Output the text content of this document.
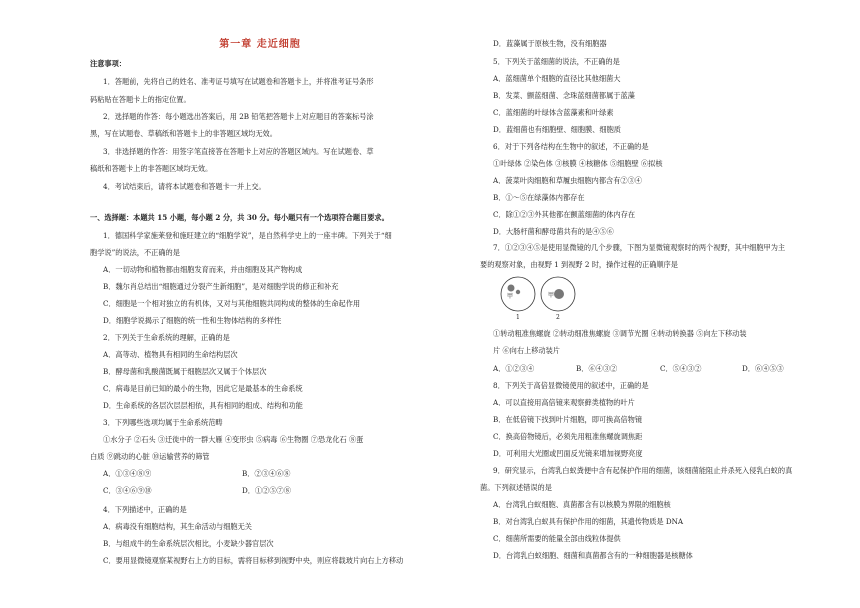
第一章 走近细胞
注意事项：
1．答题前，先将自己的姓名、准考证号填写在试题卷和答题卡上，并将准考证号条形
码粘贴在答题卡上的指定位置。
2．选择题的作答：每小题选出答案后，用 2B 铅笔把答题卡上对应题目的答案标号涂
黑，写在试题卷、草稿纸和答题卡上的非答题区域均无效。
3．非选择题的作答：用签字笔直接答在答题卡上对应的答题区域内。写在试题卷、草
稿纸和答题卡上的非答题区域均无效。
4．考试结束后，请将本试题卷和答题卡一并上交。
一、选择题：本题共 15 小题，每小题 2 分，共 30 分。每小题只有一个选项符合题目要求。
1．德国科学家施莱登和施旺建立的“细胞学说”，是自然科学史上的一座丰碑。下列关于“细
胞学说”的说法，不正确的是
A．一切动物和植物都由细胞发育而来，并由细胞及其产物构成
B．魏尔肖总结出“细胞通过分裂产生新细胞”，是对细胞学说的修正和补充
C．细胞是一个相对独立的有机体，又对与其他细胞共同构成的整体的生命起作用
D．细胞学说揭示了细胞的统一性和生物体结构的多样性
2．下列关于生命系统的理解，正确的是
A．高等动、植物具有相同的生命结构层次
B．酵母菌和乳酸菌既属于细胞层次又属于个体层次
C．病毒是目前已知的最小的生物，因此它是最基本的生命系统
D．生命系统的各层次层层相依，具有相同的组成、结构和功能
3．下列哪些选项均属于生命系统范畴
①水分子 ②石头 ③迁徙中的一群大雁 ④变形虫 ⑤病毒 ⑥生物圈 ⑦恐龙化石 ⑧蛋
白质 ⑨跳动的心脏 ⑩运输营养的筛管
A．①③④⑧⑨	B．②③④⑥⑧
C．③④⑥⑨⑩	D．①②⑤⑦⑧
4．下列描述中，正确的是
A．病毒没有细胞结构，其生命活动与细胞无关
B．与组成牛的生命系统层次相比，小麦缺少器官层次
C．要用显微镜观察某视野右上方的目标，需将目标移到视野中央，则应将载玻片向右上方移动
D．蓝藻属于原核生物，没有细胞器
5．下列关于蓝细菌的说法，不正确的是
A．蓝细菌单个细胞的直径比其他细菌大
B．发菜、颤蓝细菌、念珠蓝细菌都属于蓝藻
C．蓝细菌的叶绿体含蓝藻素和叶绿素
D．蓝细菌也有细胞壁、细胞膜、细胞质
6．对于下列各结构在生物中的叙述，不正确的是
①叶绿体 ②染色体 ③核膜 ④核糖体 ⑤细胞壁 ⑥拟核
A．菠菜叶肉细胞和草履虫细胞内都含有②③④
B．①～⑤在绿藻体内都存在
C．除①②③外其他都在颤蓝细菌的体内存在
D．大肠杆菌和酵母菌共有的是④⑤⑥
7．①②③④⑤是使用显微镜的几个步骤，下图为显微镜观察时的两个视野，其中细胞甲为主
要的观察对象，由视野 1 到视野 2 时，操作过程的正确顺序是
甲	甲
1	2
①转动粗准焦螺旋 ②转动细准焦螺旋 ③调节光圈 ④转动转换器 ⑤向左下移动装
片 ⑥向右上移动装片
A．①②③④	B．⑥④③②	C．⑤④③②	D．⑥④⑤③
8．下列关于高倍显微镜使用的叙述中，正确的是
A．可以直接用高倍镜来观察藓类植物的叶片
B．在低倍镜下找到叶片细胞，即可换高倍物镜
C．换高倍物镜后，必须先用粗准焦螺旋调焦距
D．可利用大光圈或凹面反光镜来增加视野亮度
9．研究显示，台湾乳白蚁粪便中含有起保护作用的细菌，该细菌能阻止并杀死入侵乳白蚁的真
菌。下列叙述错误的是
A．台湾乳白蚁细胞、真菌都含有以核膜为界限的细胞核
B．对台湾乳白蚁具有保护作用的细菌，其遗传物质是 DNA
C．细菌所需要的能量全部由线粒体提供
D．台湾乳白蚁细胞、细菌和真菌都含有的一种细胞器是核糖体
